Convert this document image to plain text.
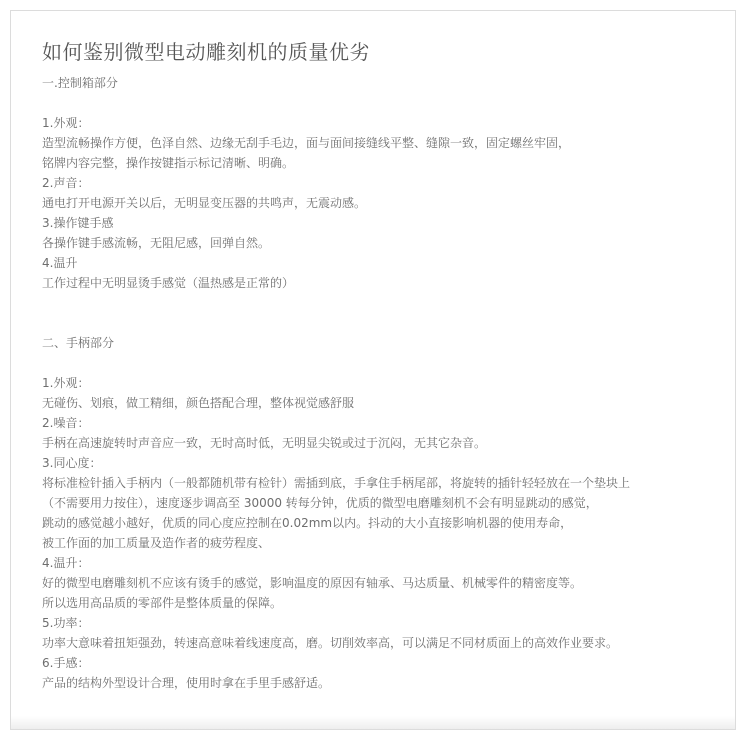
如何鉴别微型电动雕刻机的质量优劣
一.控制箱部分
1.外观：
造型流畅操作方便，色泽自然、边缘无刮手毛边，面与面间接缝线平整、缝隙一致，固定螺丝牢固，
铭牌内容完整，操作按键指示标记清晰、明确。
2.声音：
通电打开电源开关以后，无明显变压器的共鸣声，无震动感。
3.操作键手感
各操作键手感流畅，无阻尼感，回弹自然。
4.温升
工作过程中无明显烫手感觉（温热感是正常的）
二、手柄部分
1.外观：
无碰伤、划痕，做工精细，颜色搭配合理，整体视觉感舒服
2.噪音：
手柄在高速旋转时声音应一致，无时高时低，无明显尖锐或过于沉闷，无其它杂音。
3.同心度：
将标准检针插入手柄内（一般都随机带有检针）需插到底，手拿住手柄尾部，将旋转的插针轻轻放在一个垫块上
（不需要用力按住），速度逐步调高至 30000 转每分钟，优质的微型电磨雕刻机不会有明显跳动的感觉，
跳动的感觉越小越好，优质的同心度应控制在0.02mm以内。抖动的大小直接影响机器的使用寿命，
被工作面的加工质量及造作者的疲劳程度、
4.温升：
好的微型电磨雕刻机不应该有烫手的感觉，影响温度的原因有轴承、马达质量、机械零件的精密度等。
所以选用高品质的零部件是整体质量的保障。
5.功率：
功率大意味着扭矩强劲，转速高意味着线速度高，磨。切削效率高，可以满足不同材质面上的高效作业要求。
6.手感：
产品的结构外型设计合理，使用时拿在手里手感舒适。
